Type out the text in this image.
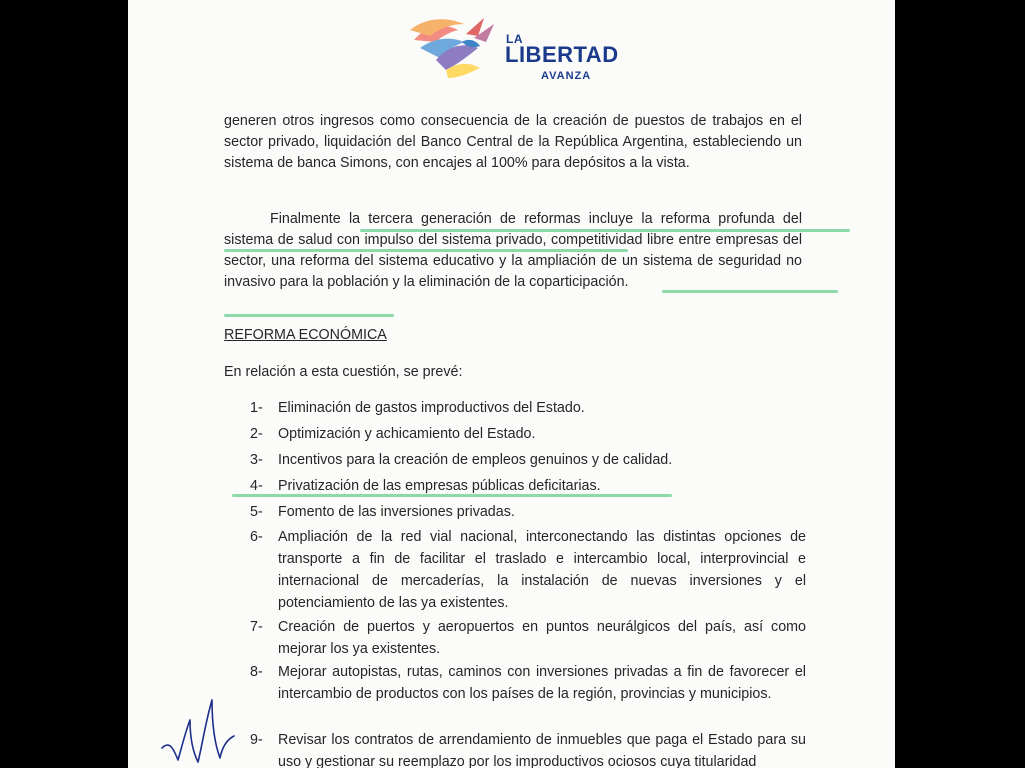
LA
LIBERTAD
AVANZA

generen otros ingresos como consecuencia de la creación de puestos de trabajos en el sector privado, liquidación del Banco Central de la República Argentina, estableciendo un sistema de banca Simons, con encajes al 100% para depósitos a la vista.

Finalmente la tercera generación de reformas incluye la reforma profunda del sistema de salud con impulso del sistema privado, competitividad libre entre empresas del sector, una reforma del sistema educativo y la ampliación de un sistema de seguridad no invasivo para la población y la eliminación de la coparticipación.

REFORMA ECONÓMICA
En relación a esta cuestión, se prevé:
1-	Eliminación de gastos improductivos del Estado.
2-	Optimización y achicamiento del Estado.
3-	Incentivos para la creación de empleos genuinos y de calidad.
4-	Privatización de las empresas públicas deficitarias.
5-	Fomento de las inversiones privadas.
6-	Ampliación de la red vial nacional, interconectando las distintas opciones de transporte a fin de facilitar el traslado e intercambio local, interprovincial e internacional de mercaderías, la instalación de nuevas inversiones y el potenciamiento de las ya existentes.
7-	Creación de puertos y aeropuertos en puntos neurálgicos del país, así como mejorar los ya existentes.
8-	Mejorar autopistas, rutas, caminos con inversiones privadas a fin de favorecer el intercambio de productos con los países de la región, provincias y municipios.
9-	Revisar los contratos de arrendamiento de inmuebles que paga el Estado para su uso y gestionar su reemplazo por los improductivos ociosos cuya titularidad
